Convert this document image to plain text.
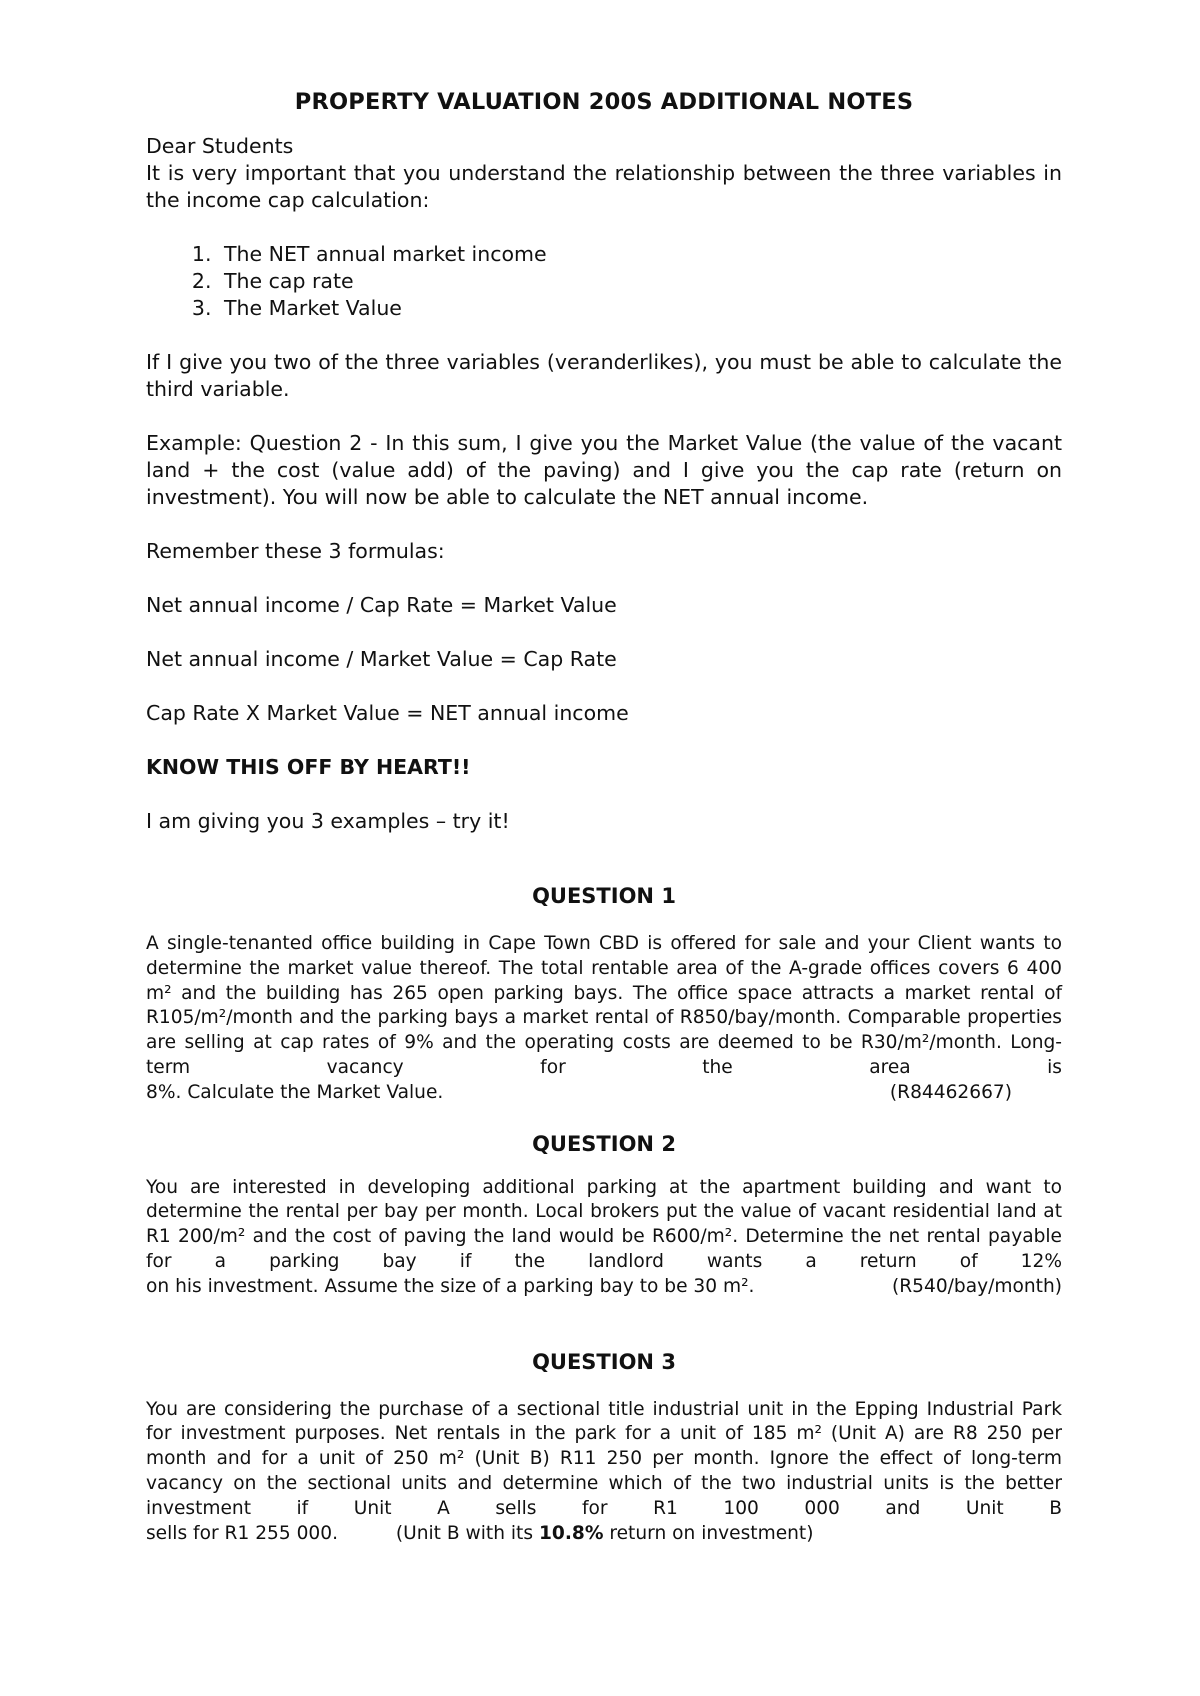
PROPERTY VALUATION 200S ADDITIONAL NOTES

Dear Students

It is very important that you understand the relationship between the three variables in the income cap calculation:

1. The NET annual market income
2. The cap rate
3. The Market Value

If I give you two of the three variables (veranderlikes), you must be able to calculate the third variable.

Example: Question 2 - In this sum, I give you the Market Value (the value of the vacant land + the cost (value add) of the paving) and I give you the cap rate (return on investment). You will now be able to calculate the NET annual income.

Remember these 3 formulas:

Net annual income / Cap Rate = Market Value

Net annual income / Market Value = Cap Rate

Cap Rate X Market Value = NET annual income

KNOW THIS OFF BY HEART!!

I am giving you 3 examples – try it!

QUESTION 1

A single-tenanted office building in Cape Town CBD is offered for sale and your Client wants to determine the market value thereof. The total rentable area of the A-grade offices covers 6 400 m² and the building has 265 open parking bays. The office space attracts a market rental of R105/m²/month and the parking bays a market rental of R850/bay/month. Comparable properties are selling at cap rates of 9% and the operating costs are deemed to be R30/m²/month. Long-term vacancy for the area is

8%. Calculate the Market Value.	(R84462667)

QUESTION 2

You are interested in developing additional parking at the apartment building and want to determine the rental per bay per month. Local brokers put the value of vacant residential land at R1 200/m² and the cost of paving the land would be R600/m². Determine the net rental payable for a parking bay if the landlord wants a return of 12%

on his investment. Assume the size of a parking bay to be 30 m².	(R540/bay/month)

QUESTION 3

You are considering the purchase of a sectional title industrial unit in the Epping Industrial Park for investment purposes. Net rentals in the park for a unit of 185 m² (Unit A) are R8 250 per month and for a unit of 250 m² (Unit B) R11 250 per month. Ignore the effect of long-term vacancy on the sectional units and determine which of the two industrial units is the better investment if Unit A sells for R1 100 000 and Unit B

sells for R1 255 000.	(Unit B with its 10.8% return on investment)
